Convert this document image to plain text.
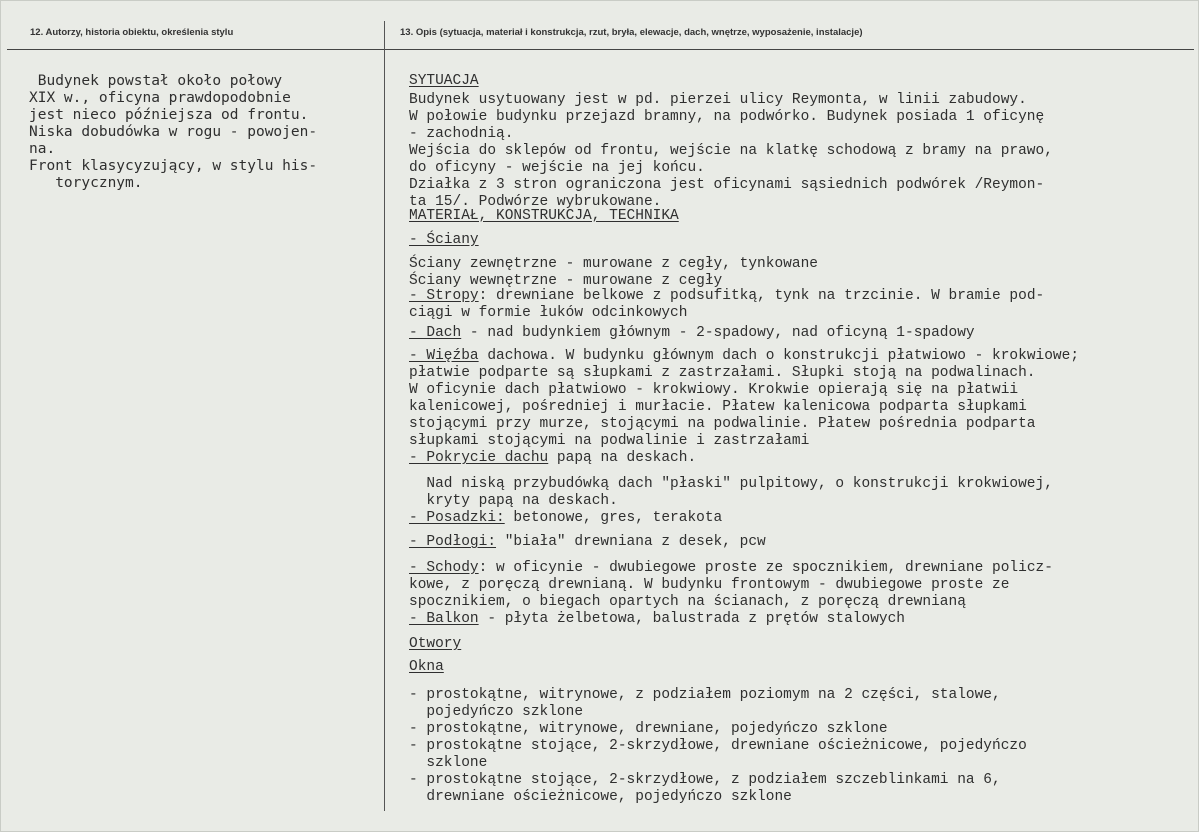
12. Autorzy, historia obiektu, określenia stylu	13. Opis (sytuacja, materiał i konstrukcja, rzut, bryła, elewacje, dach, wnętrze, wyposażenie, instalacje)
Budynek powstał około połowy
XIX w., oficyna prawdopodobnie
jest nieco późniejsza od frontu.
Niska dobudówka w rogu - powojen-
na.
Front klasycyzujący, w stylu his-
torycznym.
SYTUACJA
Budynek usytuowany jest w pd. pierzei ulicy Reymonta, w linii zabudowy.
W połowie budynku przejazd bramny, na podwórko. Budynek posiada 1 oficynę
- zachodnią.
Wejścia do sklepów od frontu, wejście na klatkę schodową z bramy na prawo,
do oficyny - wejście na jej końcu.
Działka z 3 stron ograniczona jest oficynami sąsiednich podwórek /Reymon-
ta 15/. Podwórze wybrukowane.
MATERIAŁ, KONSTRUKCJA, TECHNIKA
- Ściany
Ściany zewnętrzne - murowane z cegły, tynkowane
Ściany wewnętrzne - murowane z cegły
- Stropy: drewniane belkowe z podsufitką, tynk na trzcinie. W bramie pod-
ciągi w formie łuków odcinkowych
- Dach - nad budynkiem głównym - 2-spadowy, nad oficyną 1-spadowy
- Więźba dachowa. W budynku głównym dach o konstrukcji płatwiowo - krokwiowe;
płatwie podparte są słupkami z zastrzałami. Słupki stoją na podwalinach.
W oficynie dach płatwiowo - krokwiowy. Krokwie opierają się na płatwii
kalenicowej, pośredniej i murłacie. Płatew kalenicowa podparta słupkami
stojącymi przy murze, stojącymi na podwalinie. Płatew pośrednia podparta
słupkami stojącymi na podwalinie i zastrzałami
- Pokrycie dachu papą na deskach.
Nad niską przybudówką dach "płaski" pulpitowy, o konstrukcji krokwiowej,
kryty papą na deskach.
- Posadzki: betonowe, gres, terakota
- Podłogi: "biała" drewniana z desek, pcw
- Schody: w oficynie - dwubiegowe proste ze spocznikiem, drewniane policz-
kowe, z poręczą drewnianą. W budynku frontowym - dwubiegowe proste ze
spocznikiem, o biegach opartych na ścianach, z poręczą drewnianą
- Balkon - płyta żelbetowa, balustrada z prętów stalowych
Otwory
Okna
- prostokątne, witrynowe, z podziałem poziomym na 2 części, stalowe,
pojedyńczo szklone
- prostokątne, witrynowe, drewniane, pojedyńczo szklone
- prostokątne stojące, 2-skrzydłowe, drewniane ościeżnicowe, pojedyńczo
szklone
- prostokątne stojące, 2-skrzydłowe, z podziałem szczeblinkami na 6,
drewniane ościeżnicowe, pojedyńczo szklone
